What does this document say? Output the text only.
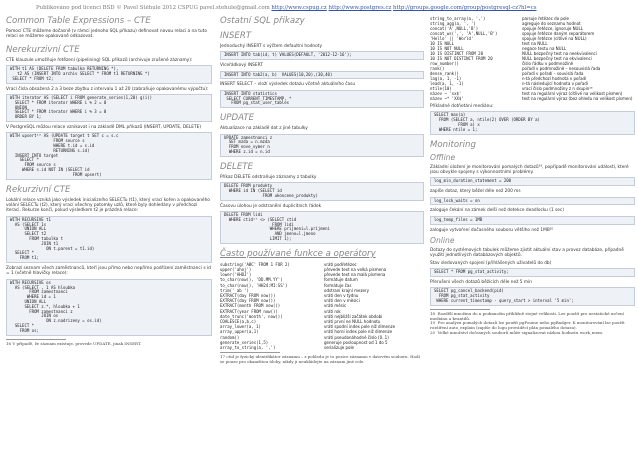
Publikováno pod licencí BSD © Pavel Stěhule 2012 CSPUG pavel.stehule@gmail.com http://www.cspug.cz http://www.postgres.cz http://groups.google.com/group/postgresql-cz?hl=cs
Common Table Expressions – CTE
Pomocí CTE můžeme dočasně (v rámci jednoho SQL příkazu) definovat novou relaci a na tuto relaci se můžeme opakovaně odkazovat.
Nerekurzivní CTE
CTE klauzule umožňuje řetězení (pipelining) SQL příkazů (archivuje zrušené záznamy):
WITH t1 AS (DELETE FROM tabulka RETURNING *),
t2 AS (INSERT INTO archiv SELECT * FROM t1 RETURNING *)
SELECT * FROM t2;
Vrací čísla obsažená 2 a 3 beze zbytku z intervalu 1 až 20 (zabraňuje opakovanému výpočtu):
WITH iterator AS (SELECT i FROM generate_series(1,20) g(i))
SELECT * FROM iterator WHERE i % 2 = 0
UNION
SELECT * FROM iterator WHERE i % 3 = 0
ORDER BY 1;
V PostgreSQL můžou relace vznikovat i na základě DML příkazů (INSERT, UPDATE, DELETE)
WITH upsert¹⁶ AS (UPDATE target t SET c = s.c
FROM source s
WHERE t.id = s.id
RETURNING s.id)
INSERT INTO target
SELECT *
FROM source s
WHERE s.id NOT IN (SELECT id
FROM upsert)
Rekurzivní CTE
Lokální relace vzniká jako výsledek inicializního SELECTu (t1), který vrací kořen a opakovaného volání SELECTu (t2), který vrací všechny potomky uzlů, které byly dohledány v předchozí iteraci. Rekurze končí, pokud výsledkem t2 je prázdná relace:
WITH RECURSIVE t1
AS (SELECT 1s
UNION ALL
SELECT t2
FROM tabulka t
JOIN t1
ON t.parent = t1.id)
SELECT *
FROM t1;
Zobrazí seznam všech zaměstnanců, kteří jsou přímo nebo nepřímo podřízení zaměstnanci s id = 1 (včetně hlavičky relace):
WITH RECURSIVE os
AS (SELECT , 1 AS hloubka
FROM zamestnanci
WHERE id = 1
UNION ALL
SELECT z.*, hloubka + 1
FROM zamestnanci z
JOIN os
ON z.nadrizeny = os.id)
SELECT *
FROM os;
16 V případě, že záznam existuje, provede UPDATE, jinak INSERT.
Ostatní SQL příkazy
INSERT
Jednoduchý INSERT s výčtem defaultní hodnoty
INSERT INTO tab(id, t) VALUES(DEFAULT, '2012-12-16');
Víceřádkový INSERT
INSERT INTO tab2(a, b)  VALUES(10,20),(30,40)
INSERT SELECT – vloží výsledek dotazu včetně aktuálního času
INSERT INTO statistics
SELECT CURRENT_TIMESTAMP, *
FROM pg_stat_user_tables
UPDATE
Aktualizace na základě dat z jiné tabulky
UPDATE zamestnanci z
SET mzda = n.mzda
FROM nove_vymer n
WHERE z.id = n.id
DELETE
Příkaz DELETE odstraňuje záznamy z tabulky
DELETE FROM produkty
WHERE id IN (SELECT id
FROM ukoncene_produkty)
Časovu úlohou je odstranění duplicitních řádek
DELETE FROM lidi
WHERE ctid¹⁷ <> (SELECT ctid
FROM lidi
WHERE prijmeni=l.prijmeni
AND jmeno=l.jmeno
LIMIT 1);
Často používané funkce a operátory
substring('ABC' FROM 1 FOR 2)	vrátí podřetězec
upper('ahoj')	převede text na velká písmena
lower('AHOJ')	převede text na malá písmena
to_char(now(), 'DD.MM.YY')	formátuje datum
to_char(now(), 'HH24:MI:SS')	formátuje čas
trim(' ab ')	odstraní krajní mezery
EXTRACT(day FROM now())	vrátí den v týdnu
EXTRACT(day FROM now())	vrátí den v měsíci
EXTRACT(month FROM now())	vrátí měsíc
EXTRACT(year FROM now())	vrátí rok
date_trunc('month', now())	vrátí nejbližší začátek období
COALESCE(a,b,c)	vrátí první ne NULL hodnotu
array_lower(a, 1)	vrátí spodní index pole níž dimenze
array_upper(a,1)	vrátí horní index pole níž dimenze
random()	vrátí pseudonáhodné číslo (0..1)
generate_series(1,5)	generuje posloupnost od 1 do 5
array_to_string(a, ',')	serializuje pole
17 ctid je fyzický identifikátor záznamu – z pohledu je to pozice záznamu v datovém souboru. Hodí se pouze pro okamžitou úlohy, nikdy ji neukládejte na záznam jiné role.
string_to_array(a, ',')	parsuje řetězec do pole
string_agg(a, ', ')	agreguje do seznamu hodnot
concat('A',NULL,'B')	spojuje řetězce, ignoruje NULL
concat_ws(',', 'A',NULL,'B')	spojuje řetězce daným separátorem
'Hello' || 'World'	spojuje řetězce (citlivé na NULL)
10 IS NULL	test na NULL
10 IS NOT NULL	negace testu na NULL
10 IS DISTINCT FROM 20	NULL bezpečný test na neekvivalenci
10 IS NOT DISTINCT FROM 20	NULL bezpečný test na ekvivalenci
row_number()	číslo řádku v podmnožině
rank()	pořadí v podmnožině – nesouvislá řada
dense_rank()	pořadí v pořadí – souvislá řada
lag(a, 1, -1)	n-tá předchozí hodnota v pořadí
lead(a, 1, -1)	n-tá následující hodnota v pořadí
ntile(10)	vrací číslo podmnožiny z n skupin¹⁸
název ~ 'xx$'	test na regulární výraz (citlivé na velikost písmen)
název ~* 'XX$'	test na regulární výraz (bez ohledu na velikost písmen)
Příkladné dotňetání mediánu:
SELECT max(a)
FROM (SELECT a, ntile(2) OVER (ORDER BY a)
FROM a) x
WHERE ntile = 1;
Monitoring
Offline
Základní úložení je monitorování pomalých dotazů¹⁹, popřípadě monitorování událostí, které jsou obvykle spojeny s výkonnostními problémy.
log_min_duration_statement = 200
zapíše dotaz, který běžel déle než 200 ms
log_lock_waits = on
zaloguje čekání na zámek delší než detekce deadlocku (1 sec)
log_temp_files = 1MB
zaloguje vytvoření dočasného souboru většího než 1MB²⁰
Online
Dotazy do systémových tabulek můžeme zjistit aktuální stav a provoz databáze, případně využití jednotlivých databázových objektů.
Stav sledovaných spojení (přihlášených uživatelů do db)
SELECT * FROM pg_stat_activity;
Přerušení všech dotazů běžících déle než 5 min
SELECT pg_cancel_backend(pid)
FROM pg_stat_activity
WHERE current_timestamp - query_start > interval '5 min';
18  Rozdělí množinu do n podmnožin přibližně stejné velikosti. Lze použít pro nestatické určení mediánu a kvantilů.
19  Pro analýzu pomalých dotazů lze použít pgFouine nebo pgBadger. K monitorování lze použít rozšíření auto_explain (zapíše do logu prováděcí plán pomalého dotazu).
20  Velké množství dočasných souborů může signalizovat nízkou hodnotu work_mem.
